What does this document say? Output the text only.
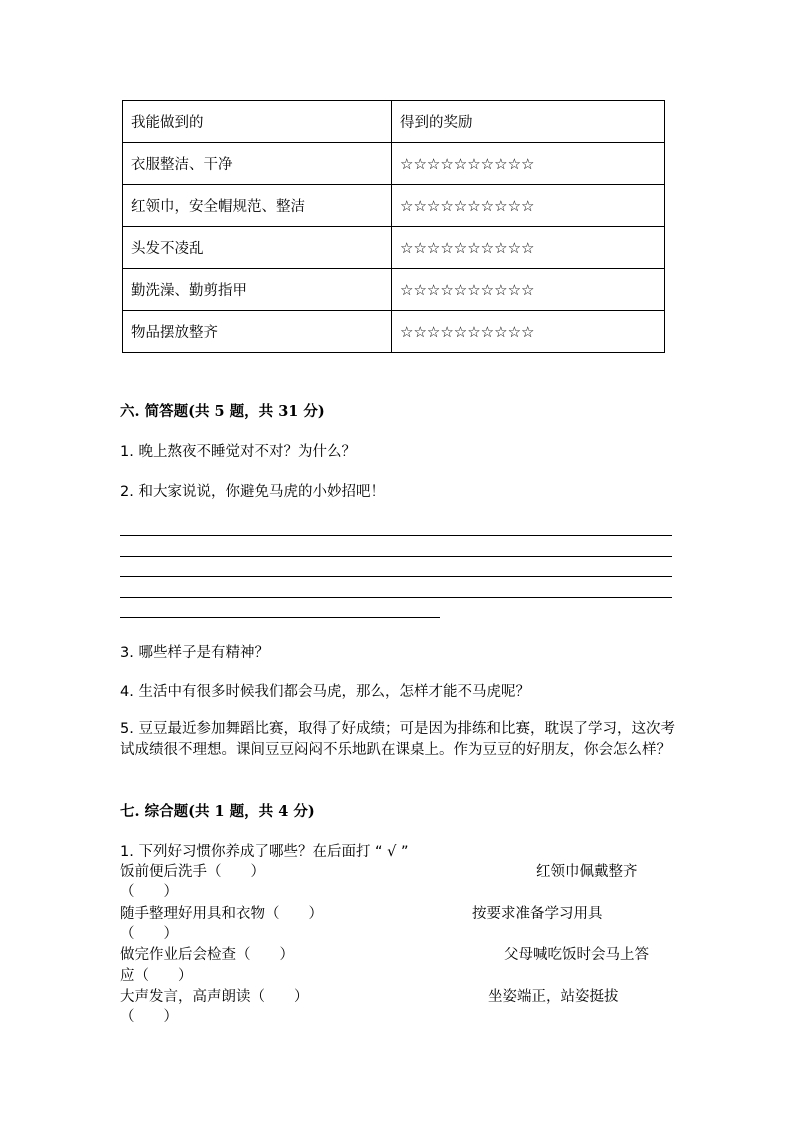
我能做到的	得到的奖励
衣服整洁、干净	☆☆☆☆☆☆☆☆☆☆
红领巾，安全帽规范、整洁	☆☆☆☆☆☆☆☆☆☆
头发不凌乱	☆☆☆☆☆☆☆☆☆☆
勤洗澡、勤剪指甲	☆☆☆☆☆☆☆☆☆☆
物品摆放整齐	☆☆☆☆☆☆☆☆☆☆
六. 简答题(共 5 题，共 31 分)
1. 晚上熬夜不睡觉对不对？为什么？
2. 和大家说说，你避免马虎的小妙招吧！
3. 哪些样子是有精神？
4. 生活中有很多时候我们都会马虎，那么，怎样才能不马虎呢？
5. 豆豆最近参加舞蹈比赛，取得了好成绩；可是因为排练和比赛，耽误了学习，这次考试成绩很不理想。课间豆豆闷闷不乐地趴在课桌上。作为豆豆的好朋友，你会怎么样？
七. 综合题(共 1 题，共 4 分)
1. 下列好习惯你养成了哪些？在后面打 “ √ ”
饭前便后洗手（　　）	红领巾佩戴整齐
（　　）
随手整理好用具和衣物（　　）	按要求准备学习用具
（　　）
做完作业后会检查（　　）	父母喊吃饭时会马上答
应（　　）
大声发言，高声朗读（　　）	坐姿端正，站姿挺拔
（　　）
